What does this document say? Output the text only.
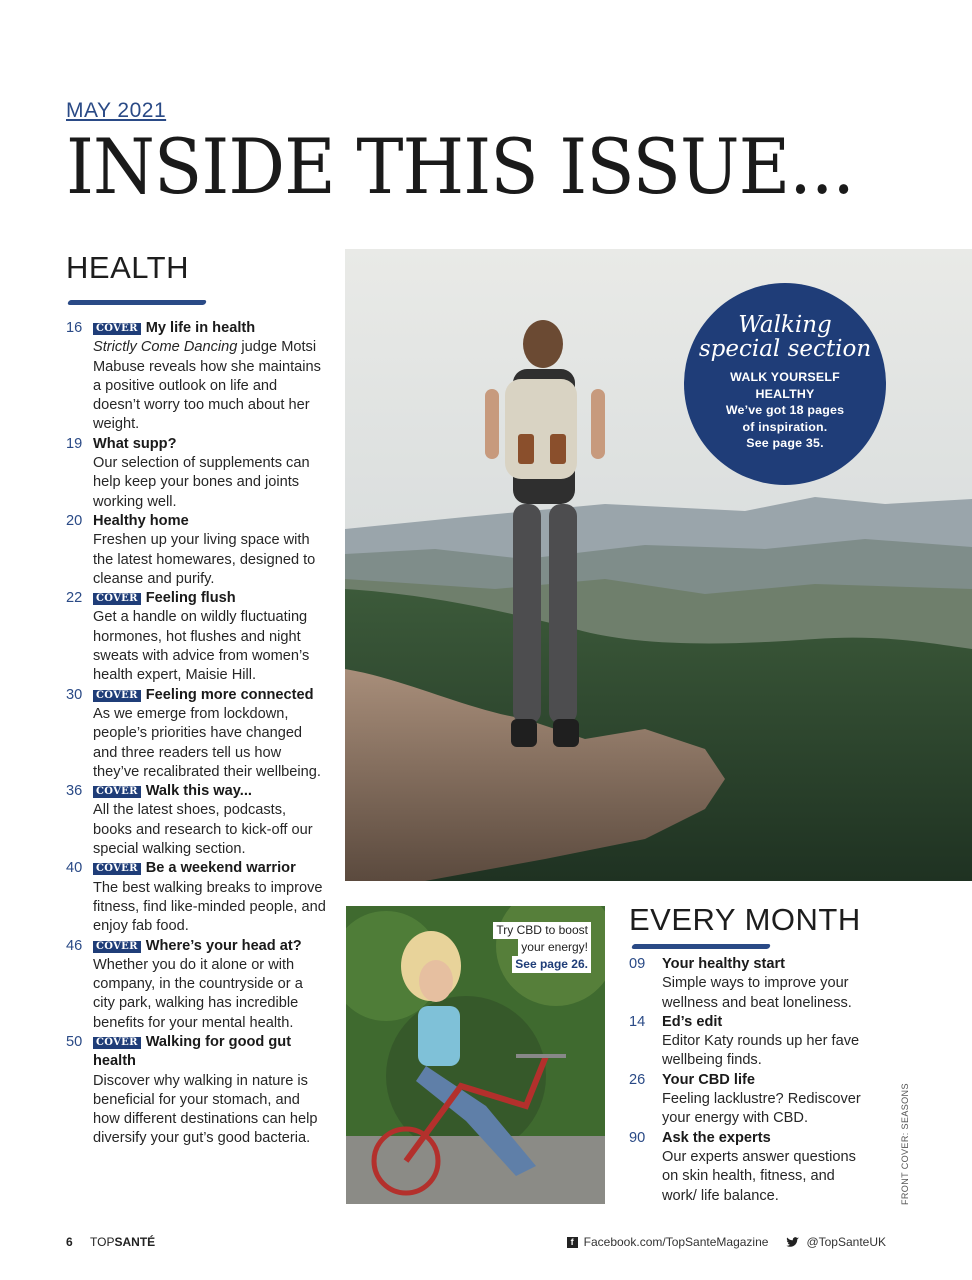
MAY 2021
INSIDE THIS ISSUE...
HEALTH
16	COVER My life in health
Strictly Come Dancing judge Motsi Mabuse reveals how she maintains a positive outlook on life and doesn’t worry too much about her weight.
19 What supp?
Our selection of supplements can help keep your bones and joints working well.
20 Healthy home
Freshen up your living space with the latest homewares, designed to cleanse and purify.
22	COVER Feeling flush
Get a handle on wildly fluctuating hormones, hot flushes and night sweats with advice from women’s health expert, Maisie Hill.
30	COVER Feeling more connected
As we emerge from lockdown, people’s priorities have changed and three readers tell us how they’ve recalibrated their wellbeing.
36	COVER Walk this way...
All the latest shoes, podcasts, books and research to kick-off our special walking section.
40	COVER Be a weekend warrior
The best walking breaks to improve fitness, find like-minded people, and enjoy fab food.
46	COVER Where’s your head at?
Whether you do it alone or with company, in the countryside or a city park, walking has incredible benefits for your mental health.
50	COVER Walking for good gut health
Discover why walking in nature is beneficial for your stomach, and how different destinations can help diversify your gut’s good bacteria.
Walking
special section
WALK YOURSELF
HEALTHY
We’ve got 18 pages
of inspiration.
See page 35.
Try CBD to boost
your energy!
See page 26.
EVERY MONTH
09	Your healthy start
Simple ways to improve your wellness and beat loneliness.
14	Ed’s edit
Editor Katy rounds up her fave wellbeing finds.
26	Your CBD life
Feeling lacklustre? Rediscover your energy with CBD.
90	Ask the experts
Our experts answer questions on skin health, fitness, and work/ life balance.	FRONT COVER: SEASONS
6 TOPSANTÉ	f Facebook.com/TopSanteMagazine	@TopSanteUK
